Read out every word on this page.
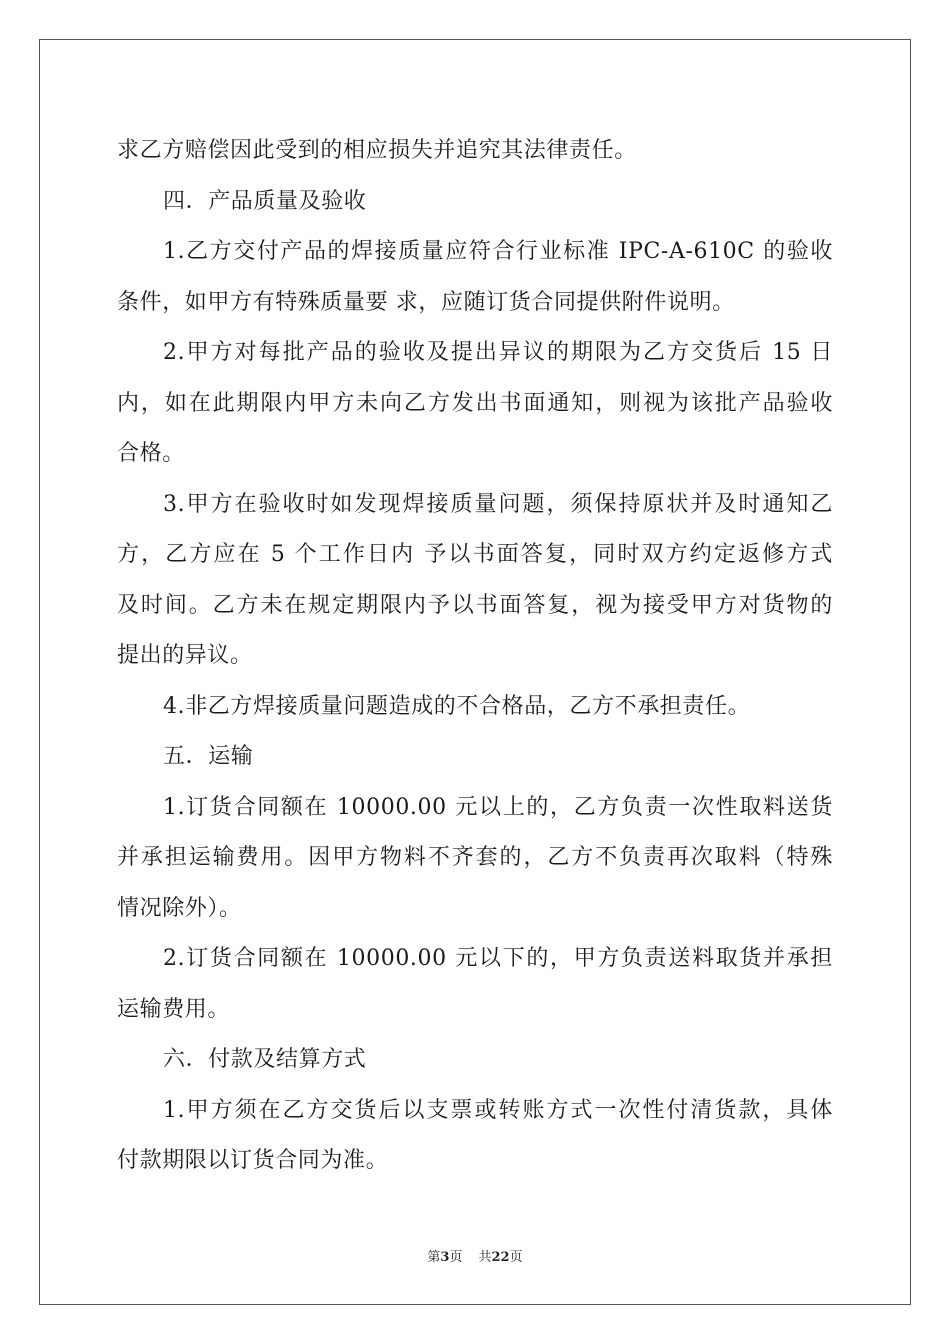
求乙方赔偿因此受到的相应损失并追究其法律责任。
四．产品质量及验收
1.乙方交付产品的焊接质量应符合行业标准 IPC-A-610C 的验收
条件，如甲方有特殊质量要 求，应随订货合同提供附件说明。
2.甲方对每批产品的验收及提出异议的期限为乙方交货后 15 日
内，如在此期限内甲方未向乙方发出书面通知，则视为该批产品验收
合格。
3.甲方在验收时如发现焊接质量问题，须保持原状并及时通知乙
方，乙方应在 5 个工作日内 予以书面答复，同时双方约定返修方式
及时间。乙方未在规定期限内予以书面答复，视为接受甲方对货物的
提出的异议。
4.非乙方焊接质量问题造成的不合格品，乙方不承担责任。
五．运输
1.订货合同额在 10000.00 元以上的，乙方负责一次性取料送货
并承担运输费用。因甲方物料不齐套的，乙方不负责再次取料（特殊
情况除外）。
2.订货合同额在 10000.00 元以下的，甲方负责送料取货并承担
运输费用。
六．付款及结算方式
1.甲方须在乙方交货后以支票或转账方式一次性付清货款，具体
付款期限以订货合同为准。
第3页 共22页
